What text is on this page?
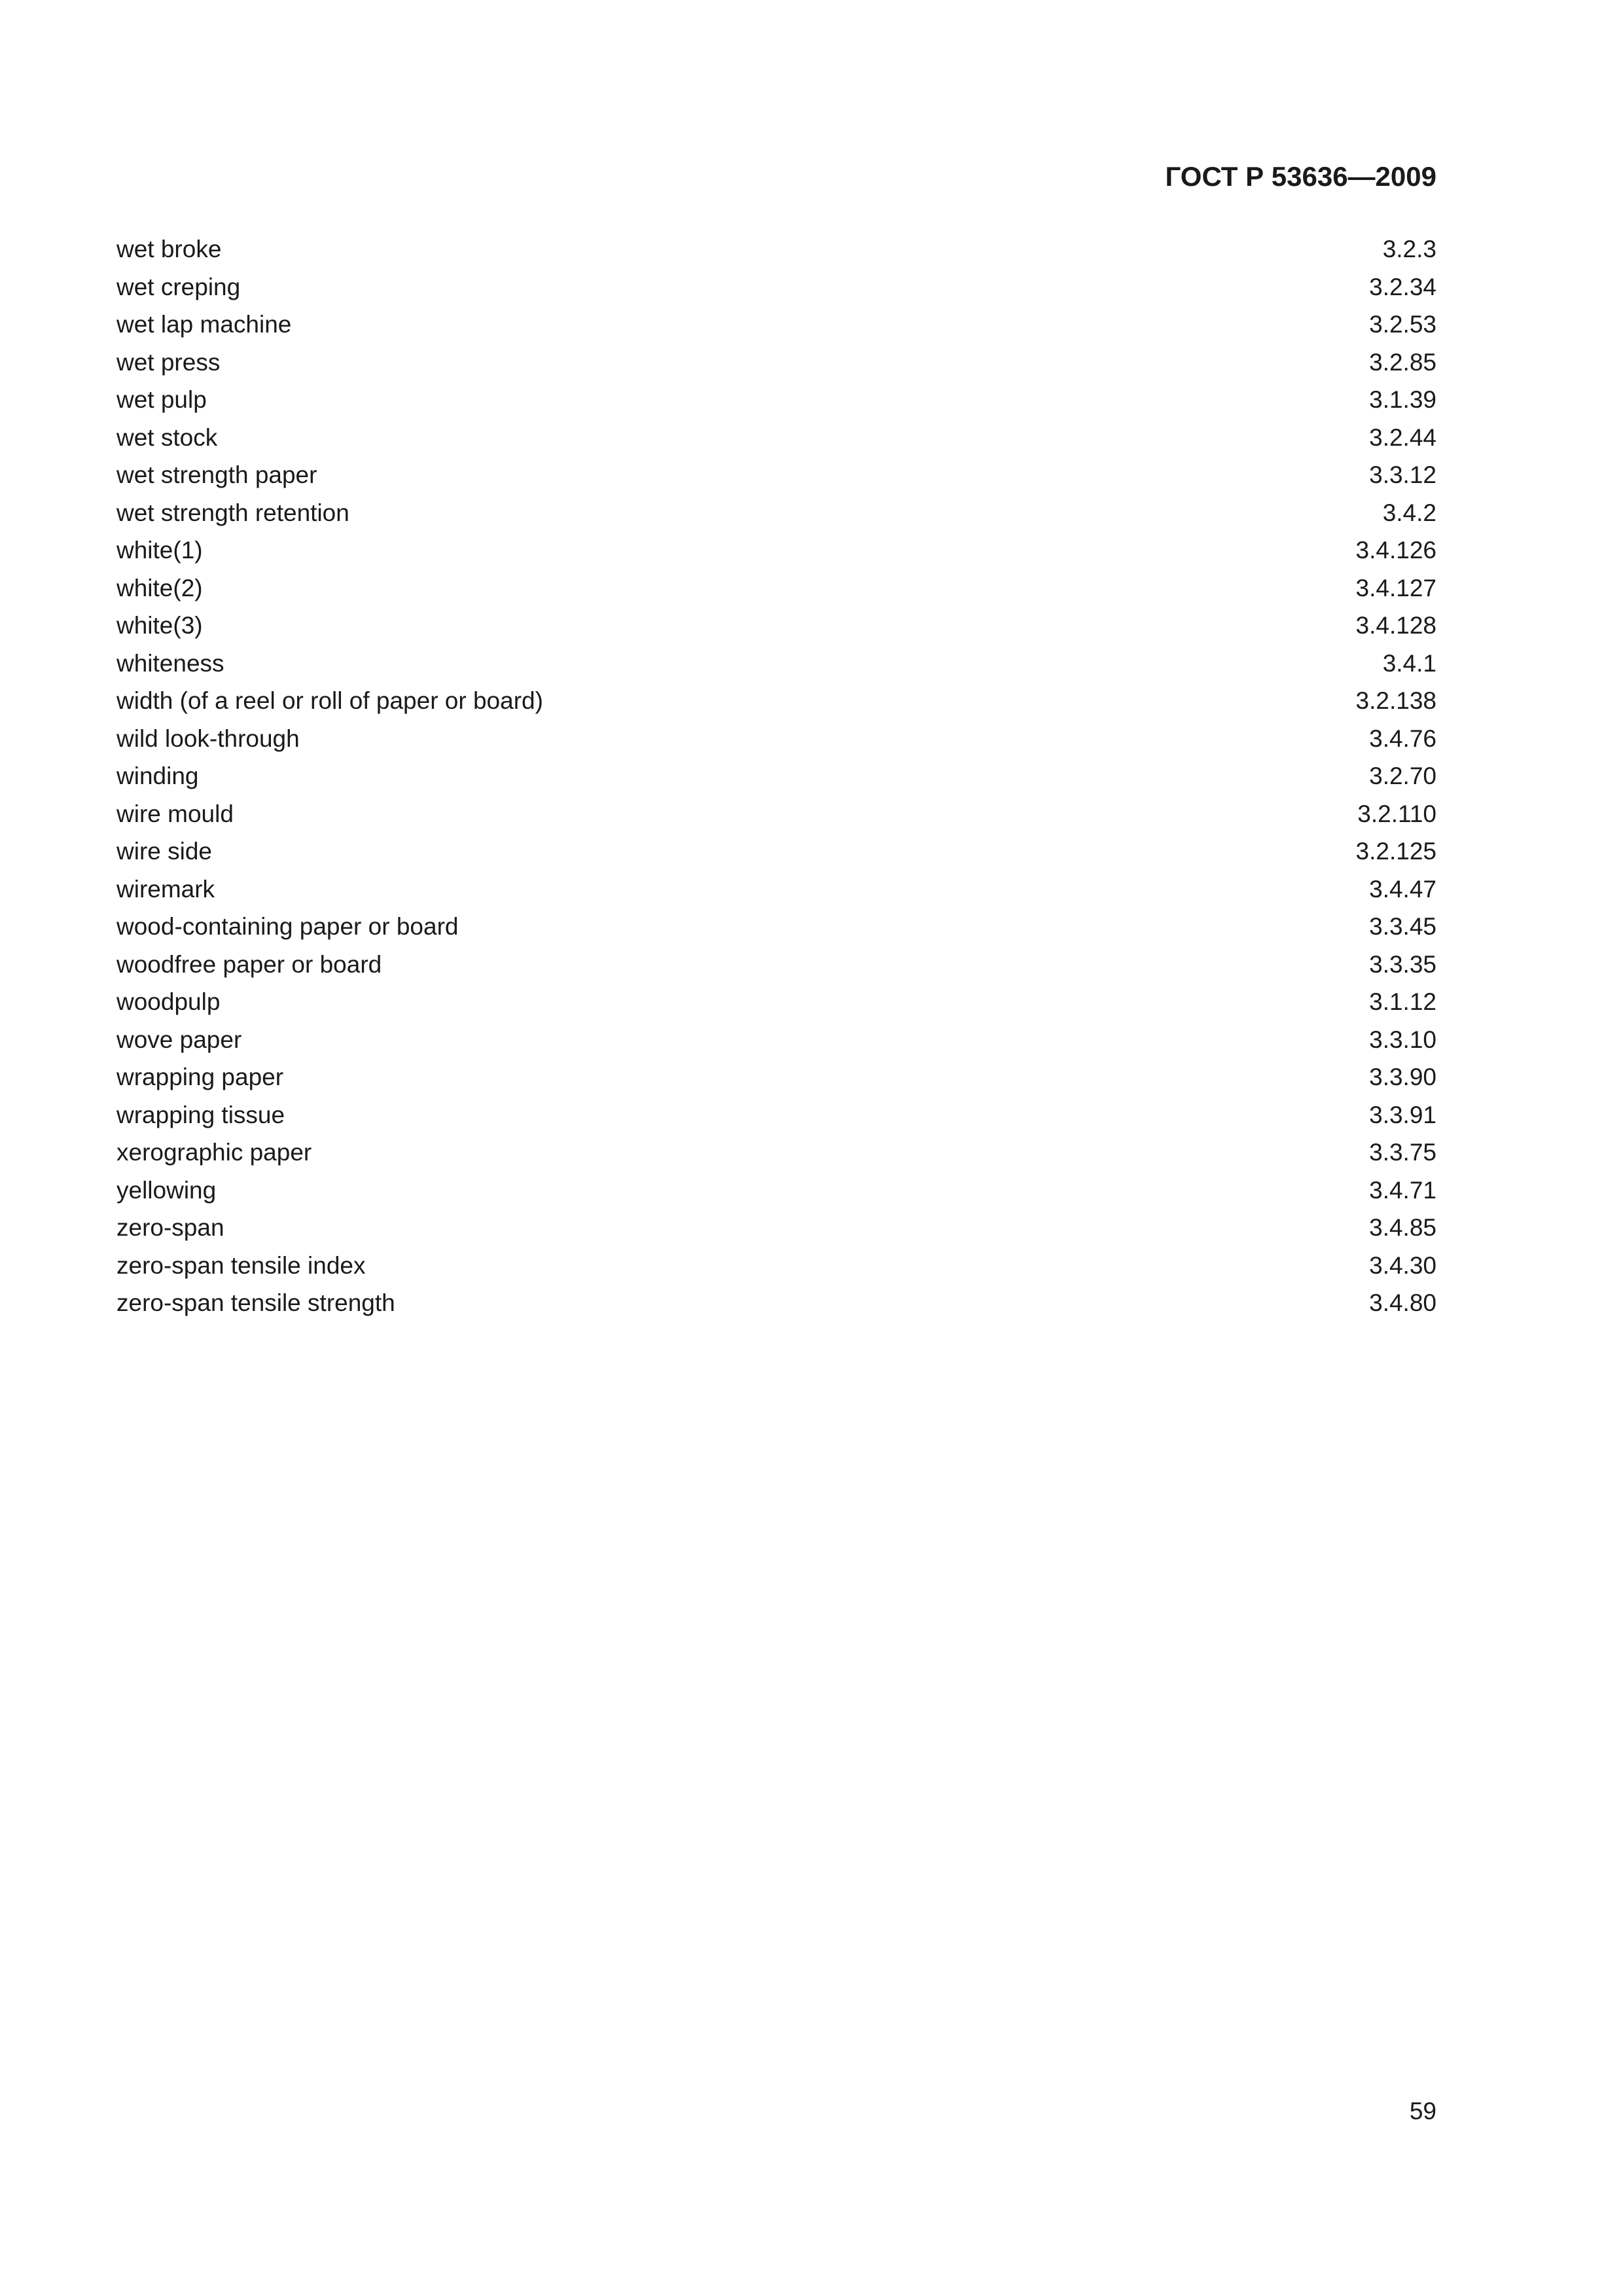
ГОСТ Р 53636—2009
wet broke	3.2.3
wet creping	3.2.34
wet lap machine	3.2.53
wet press	3.2.85
wet pulp	3.1.39
wet stock	3.2.44
wet strength paper	3.3.12
wet strength retention	3.4.2
white(1)	3.4.126
white(2)	3.4.127
white(3)	3.4.128
whiteness	3.4.1
width (of a reel or roll of paper or board)	3.2.138
wild look-through	3.4.76
winding	3.2.70
wire mould	3.2.110
wire side	3.2.125
wiremark	3.4.47
wood-containing paper or board	3.3.45
woodfree paper or board	3.3.35
woodpulp	3.1.12
wove paper	3.3.10
wrapping paper	3.3.90
wrapping tissue	3.3.91
xerographic paper	3.3.75
yellowing	3.4.71
zero-span	3.4.85
zero-span tensile index	3.4.30
zero-span tensile strength	3.4.80
59
